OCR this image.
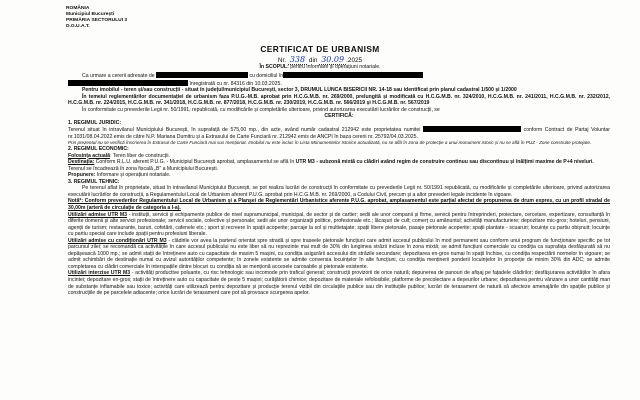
ROMÂNIA
Municipiul București
PRIMĂRIA SECTORULUI 3
D.G.U.A.T.
CERTIFICAT DE URBANISM
Nr. 338 din 30.09 .2025
În SCOPUL: pentru informare și operațiuni notariale.

Ca urmare a cererii adresate de	cu domiciliul în

înregistrată cu nr. 84316 din 10.03.2025.

Pentru imobilul - teren și/sau construcții - situat în județul/municipiul București, sector 3, DRUMUL LUNCA BISERICII NR. 14-18 sau identificat prin planul cadastral 1/500 și 1/2000

În temeiul reglementărilor documentației de urbanism faza P.U.G.-M.B. aprobat prin H.C.G.M.B. nr. 269/2000, prelungită și modificată cu H.C.G.M.B. nr. 324/2010, H.C.G.M.B. nr. 241/2011, H.C.G.M.B. nr. 232/2012, H.C.G.M.B. nr. 224/2015, H.C.G.M.B. nr. 341/2018, H.C.G.M.B. nr. 877/2018, H.C.G.M.B. nr. 230/2019, H.C.G.M.B. nr. 566/2019 și H.C.G.M.B. nr. 567/2019

În conformitate cu prevederile Legii nr. 50/1991, republicată, cu modificările și completările ulterioare, privind autorizarea executării lucrărilor de construcții, se

CERTIFICĂ:

1. REGIMUL JURIDIC:

Terenul situat în intravilanul Municipiului București, în suprafață de 575,00 mp., din acte, având număr cadastral 212942 este proprietatea numitei	conform Contract de Partaj Voluntar nr.1031/08.04.2022 emis de către N.P. Mariana Dumitru și a Extrasului de Carte Funciară nr. 212942 emis de ANCPI în baza cererii nr. 25792/04.03.2025.

Prin prezentul nu se verifică înscrierea în Extrasul de Carte Funciară mai sus menționat. Imobilul nu este inclus în Lista Monumentelor Istorice actualizată, nu se află în zona de protecție a unui monument istoric și nu se află în PUZ - Zone construite protejate.

2. REGIMUL ECONOMIC:

Folosința actuală: Teren liber de construcții.

Destinația: Conform R.L.U. aferent P.U.G. - Municipiul București aprobat, amplasamentul se află în UTR M3 - subzonă mixtă cu clădiri având regim de construire continuu sau discontinuu și înălțimi maxime de P+4 niveluri.

Terenul se încadrează în zona fiscală „B” a Municipiului București.

Propunere: Informare și operațiuni notariale.

3. REGIMUL TEHNIC:

Pe terenul aflat în proprietate, situat în intravilanul Municipiului București, se pot realiza lucrări de construcții în conformitate cu prevederile Legii nr. 50/1991 republicată, cu modificările și completările ulterioare, privind autorizarea executării lucrărilor de construcții, a Regulamentului Local de Urbanism aferent P.U.G. aprobat prin H.C.G.M.B. nr. 269/2000, a Codului Civil, precum și a altor prevederi legale incidente în vigoare.

Notă*: Conform prevederilor Regulamentului Local de Urbanism și a Planșei de Reglementări Urbanistice aferente P.U.G. aprobat, amplasamentul este parțial afectat de propunerea de drum expres, cu un profil stradal de 30,00m (arteră de circulație de categoria a I-a).

Utilizări admise UTR M3 - instituții, servicii și echipamente publice de nivel supramunicipal, municipal, de sector și de cartier; sedii ale unor companii și firme, servicii pentru întreprinderi, proiectare, cercetare, expertizare, consultanță în diferite domenii și alte servicii profesionale; servicii sociale, colective și personale; sedii ale unor organizații politice, profesionale etc.; lăcașuri de cult; comerț cu amănuntul; activități manufacturiere; depozitare mic-gros; hoteluri, pensiuni, agenții de turism; restaurante, baruri, cofetării, cafenele etc.; sport și recreere în spații acoperite; parcaje la sol și multietajate; spații libere pietonale, pasaje pietonale acoperite; spații plantate - scuaruri; locuințe cu partiu obișnuit; locuințe cu partiu special care include spații pentru profesiuni liberale.

Utilizări admise cu condiționări UTR M3 - clădirile vor avea la parterul orientat spre stradă și spre traseele pietonale funcțiuni care admit accesul publicului în mod permanent sau conform unui program de funcționare specific pe tot parcursul zilei; se recomandă ca activitățile în care accesul publicului nu este liber să nu reprezinte mai mult de 30% din lungimea străzii incluse în zona mixtă; se admit funcțiuni comerciale cu condiția ca suprafața desfășurată să nu depășească 1000 mp.; se admit stații de întreținere auto cu capacitate de maxim 5 mașini, cu condiția asigurării accesului din străzile secundare; depozitarea en-gros numai în spații închise, cu condiția respectării normelor în vigoare; se admit schimbări de destinație numai cu avizul autorităților competente; în zonele existente se admite conversia locuințelor în alte funcțiuni, cu condiția menținerii ponderii locuințelor în proporție de minim 30% din ADC; se admite completarea cu clădiri comerciale în interspațiile dintre blocuri cu condiția să se menționă accesele carosabile și pietonale existente.

Utilizări interzise UTR M3 - activități productive poluante, cu risc tehnologic sau incomode prin traficul generat; construcții provizorii de orice natură; depunerea de panouri de afișaj pe fațadele clădirilor; desfășurarea activităților în afara incintei; depozitare en-gros; stații de întreținere auto cu capacitate de peste 5 mașini; curățătorii chimice; depozitare de materiale refolosibile; platforme de precolectare a deșeurilor urbane; depozitarea pentru vânzare a unor cantități mari de substanțe inflamabile sau toxice; activități care utilizează pentru depozitare și producție terenul vizibil din circulațiile publice sau din instituțiile publice; lucrări de terasament de natură să afecteze amenajările din spațiile publice și construcțiile de pe parcelele adiacente; orice lucrări de terasament care pot să provoace scurgerea apelor.
